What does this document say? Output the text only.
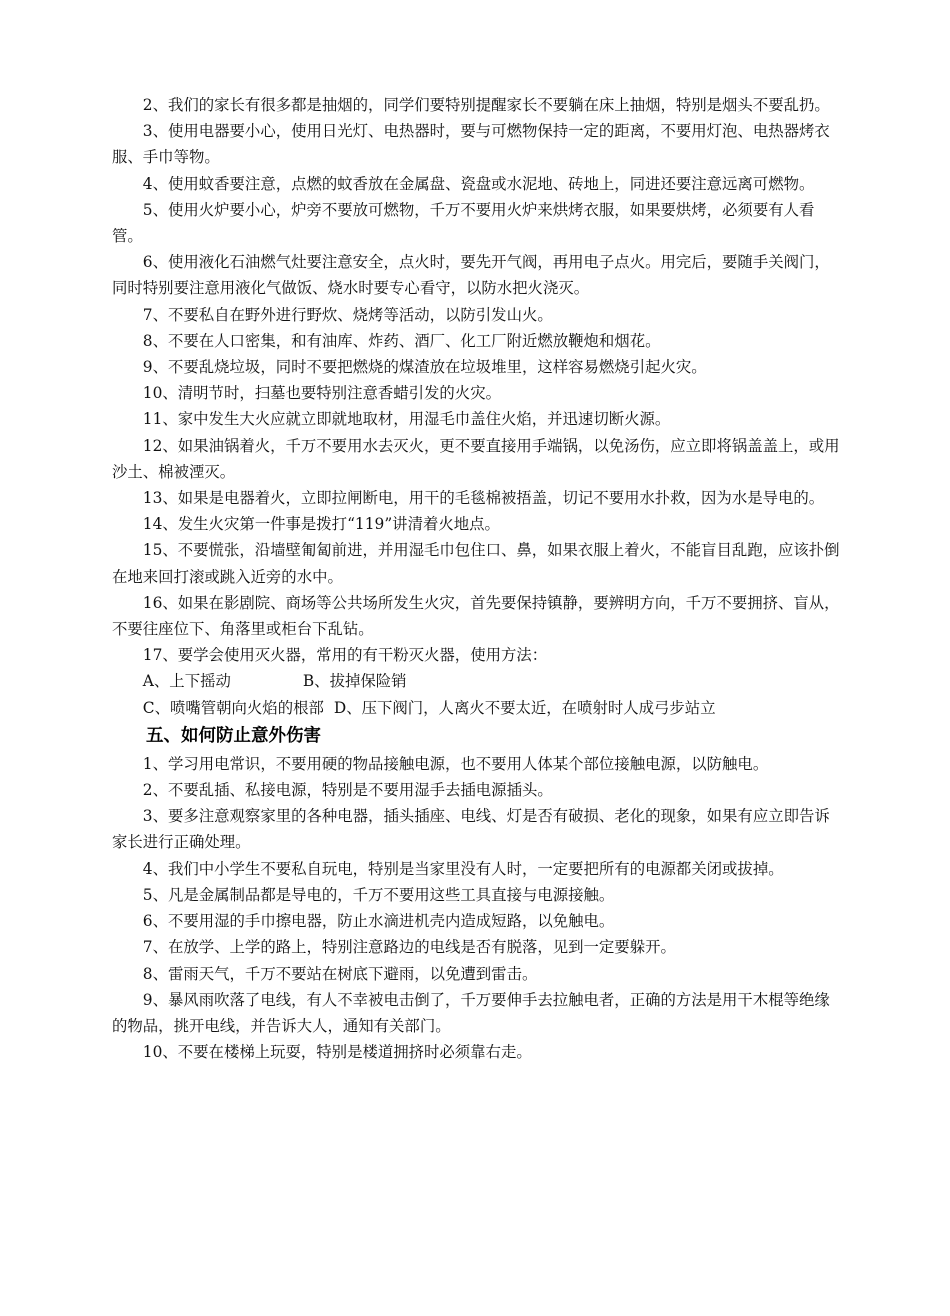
2、我们的家长有很多都是抽烟的，同学们要特别提醒家长不要躺在床上抽烟，特别是烟头不要乱扔。

3、使用电器要小心，使用日光灯、电热器时，要与可燃物保持一定的距离，不要用灯泡、电热器烤衣服、手巾等物。

4、使用蚊香要注意，点燃的蚊香放在金属盘、瓷盘或水泥地、砖地上，同进还要注意远离可燃物。

5、使用火炉要小心，炉旁不要放可燃物，千万不要用火炉来烘烤衣服，如果要烘烤，必须要有人看管。

6、使用液化石油燃气灶要注意安全，点火时，要先开气阀，再用电子点火。用完后，要随手关阀门，同时特别要注意用液化气做饭、烧水时要专心看守，以防水把火浇灭。

7、不要私自在野外进行野炊、烧烤等活动，以防引发山火。

8、不要在人口密集，和有油库、炸药、酒厂、化工厂附近燃放鞭炮和烟花。

9、不要乱烧垃圾，同时不要把燃烧的煤渣放在垃圾堆里，这样容易燃烧引起火灾。

10、清明节时，扫墓也要特别注意香蜡引发的火灾。

11、家中发生大火应就立即就地取材，用湿毛巾盖住火焰，并迅速切断火源。

12、如果油锅着火，千万不要用水去灭火，更不要直接用手端锅，以免汤伤，应立即将锅盖盖上，或用沙土、棉被湮灭。

13、如果是电器着火，立即拉闸断电，用干的毛毯棉被捂盖，切记不要用水扑救，因为水是导电的。

14、发生火灾第一件事是拨打“119”讲清着火地点。

15、不要慌张，沿墙壁匍匐前进，并用湿毛巾包住口、鼻，如果衣服上着火，不能盲目乱跑，应该扑倒在地来回打滚或跳入近旁的水中。

16、如果在影剧院、商场等公共场所发生火灾，首先要保持镇静，要辨明方向，千万不要拥挤、盲从，不要往座位下、角落里或柜台下乱钻。

17、要学会使用灭火器，常用的有干粉灭火器，使用方法：

A、上下摇动	B、拔掉保险销

C、喷嘴管朝向火焰的根部 D、压下阀门，人离火不要太近，在喷射时人成弓步站立

五、如何防止意外伤害

1、学习用电常识，不要用硬的物品接触电源，也不要用人体某个部位接触电源，以防触电。

2、不要乱插、私接电源，特别是不要用湿手去插电源插头。

3、要多注意观察家里的各种电器，插头插座、电线、灯是否有破损、老化的现象，如果有应立即告诉家长进行正确处理。

4、我们中小学生不要私自玩电，特别是当家里没有人时，一定要把所有的电源都关闭或拔掉。

5、凡是金属制品都是导电的，千万不要用这些工具直接与电源接触。

6、不要用湿的手巾擦电器，防止水滴进机壳内造成短路，以免触电。

7、在放学、上学的路上，特别注意路边的电线是否有脱落，见到一定要躲开。

8、雷雨天气，千万不要站在树底下避雨，以免遭到雷击。

9、暴风雨吹落了电线，有人不幸被电击倒了，千万要伸手去拉触电者，正确的方法是用干木棍等绝缘的物品，挑开电线，并告诉大人，通知有关部门。

10、不要在楼梯上玩耍，特别是楼道拥挤时必须靠右走。
